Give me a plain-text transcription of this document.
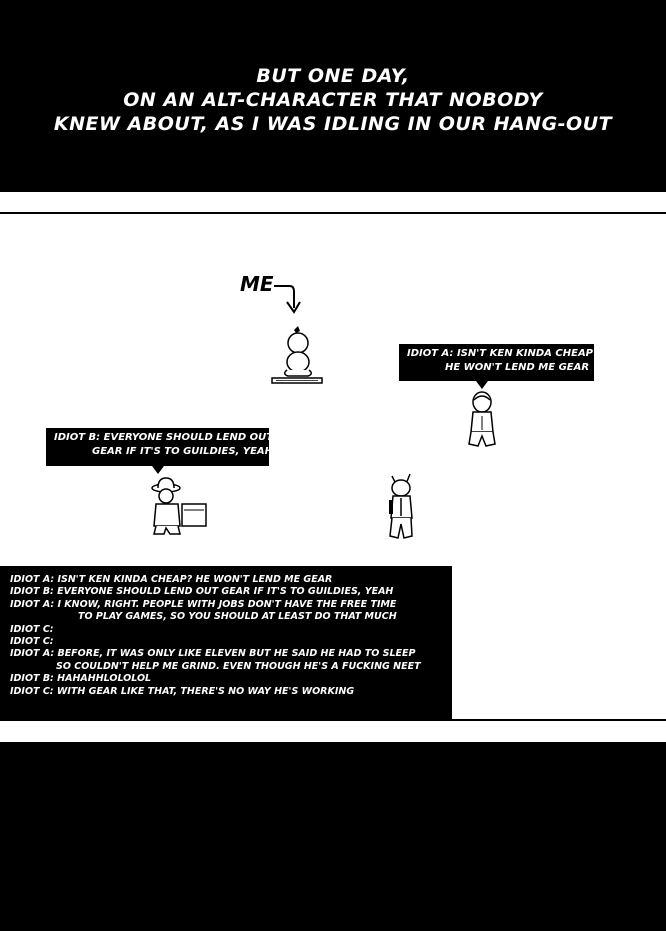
BUT ONE DAY,
ON AN ALT-CHARACTER THAT NOBODY
KNEW ABOUT, AS I WAS IDLING IN OUR HANG-OUT
ME
IDIOT A: ISN'T KEN KINDA CHEAP?
HE WON'T LEND ME GEAR
IDIOT B: EVERYONE SHOULD LEND OUT
GEAR IF IT'S TO GUILDIES, YEAH
IDIOT A: ISN'T KEN KINDA CHEAP? HE WON'T LEND ME GEAR
IDIOT B: EVERYONE SHOULD LEND OUT GEAR IF IT'S TO GUILDIES, YEAH
IDIOT A: I KNOW, RIGHT. PEOPLE WITH JOBS DON'T HAVE THE FREE TIME
TO PLAY GAMES, SO YOU SHOULD AT LEAST DO THAT MUCH
IDIOT C:
IDIOT C:
IDIOT A: BEFORE, IT WAS ONLY LIKE ELEVEN BUT HE SAID HE HAD TO SLEEP
SO COULDN'T HELP ME GRIND. EVEN THOUGH HE'S A FUCKING NEET
IDIOT B: HAHAHHLOLOLOL
IDIOT C: WITH GEAR LIKE THAT, THERE'S NO WAY HE'S WORKING
